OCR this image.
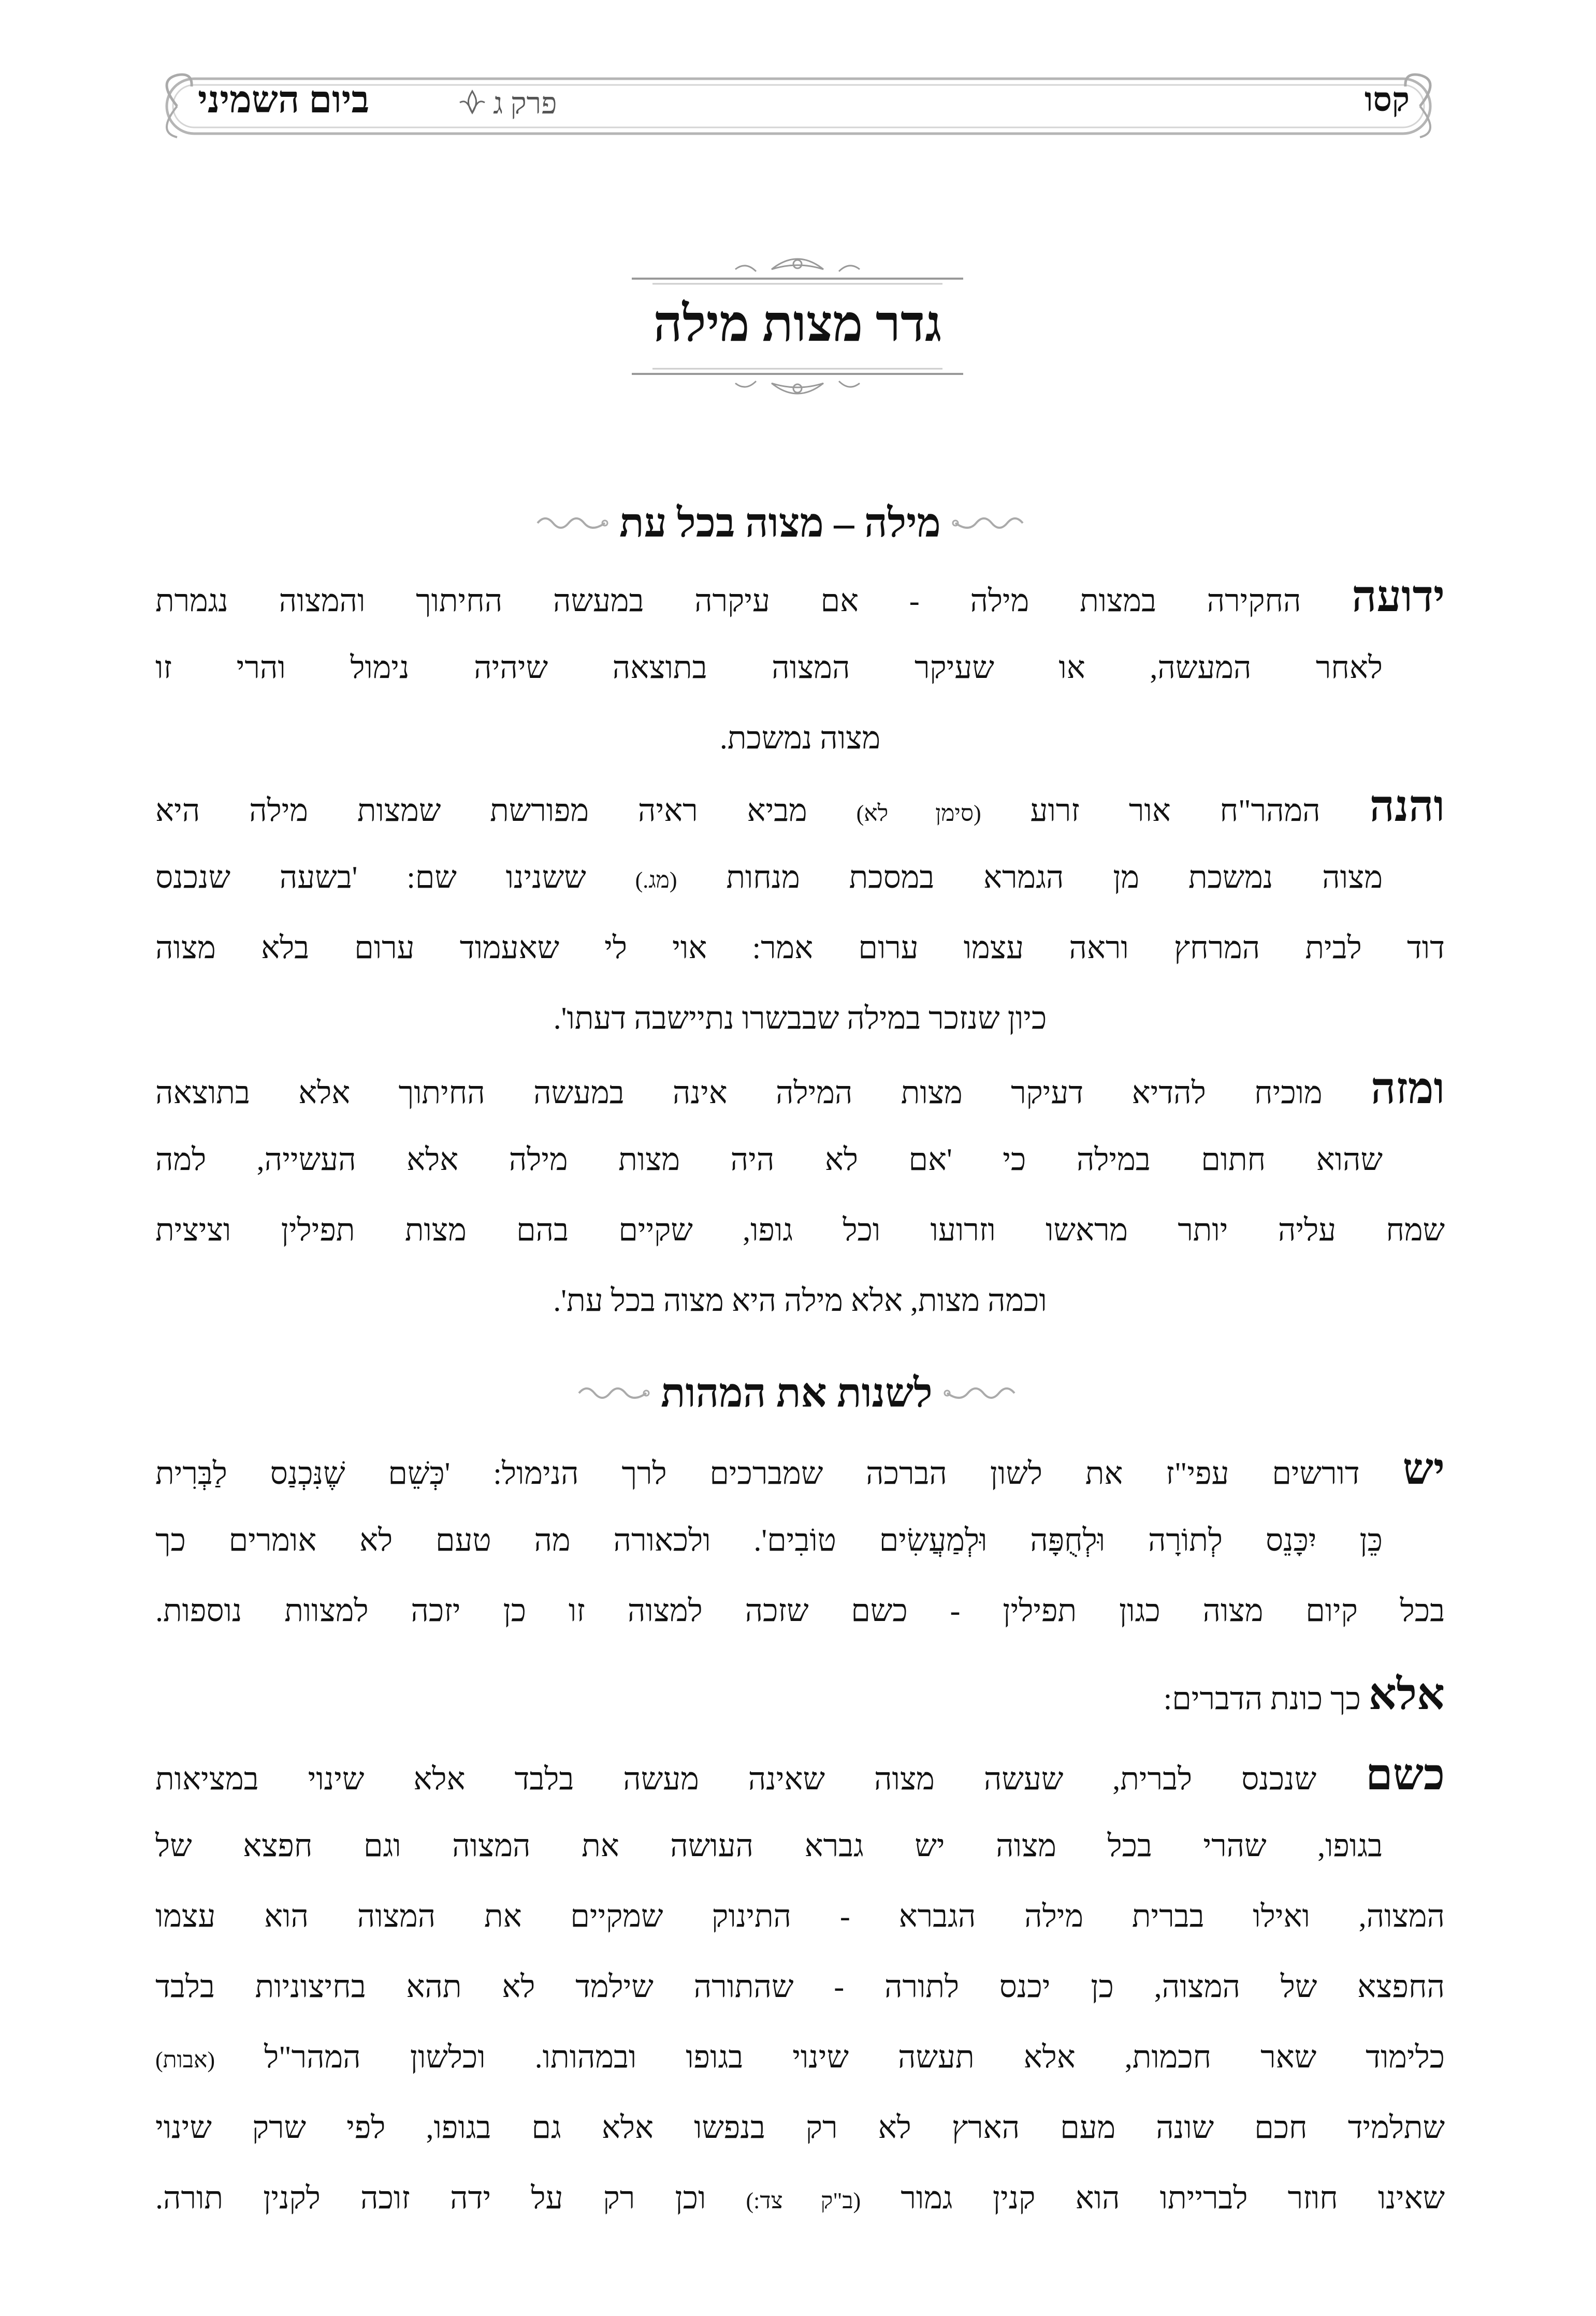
קסו
פרק ג
ביום השמיני
גדר מצות מילה
מילה – מצוה בכל עת
ידועה החקירה במצות מילה - אם עיקרה במעשה החיתוך והמצוה נגמרת
לאחר המעשה, או שעיקר המצוה בתוצאה שיהיה נימול והרי זו
מצוה נמשכת.
והנה המהר"ח אור זרוע (סימן לא) מביא ראיה מפורשת שמצות מילה היא
מצוה נמשכת מן הגמרא במסכת מנחות (מג.) ששנינו שם: 'בשעה שנכנס
דוד לבית המרחץ וראה עצמו ערום אמר: אוי לי שאעמוד ערום בלא מצוה
כיון שנזכר במילה שבבשרו נתיישבה דעתו'.
ומזה מוכיח להדיא דעיקר מצות המילה אינה במעשה החיתוך אלא בתוצאה
שהוא חתום במילה כי 'אם לא היה מצות מילה אלא העשייה, למה
שמח עליה יותר מראשו וזרועו וכל גופו, שקיים בהם מצות תפילין וציצית
וכמה מצות, אלא מילה היא מצוה בכל עת'.
לשנות את המהות
יש דורשים עפי"ז את לשון הברכה שמברכים לרך הנימול: 'כְּשֵׁם שֶׁנִּכְנַס לַבְּרִית
כֵּן יִכָּנֵס לְתוֹרָה וּלְחֻפָּה וּלְמַעֲשִׂים טוֹבִים'. ולכאורה מה טעם לא אומרים כך
בכל קיום מצוה כגון תפילין - כשם שזכה למצוה זו כן יזכה למצוות נוספות.
אלא כך כונת הדברים:
כשם שנכנס לברית, שעשה מצוה שאינה מעשה בלבד אלא שינוי במציאות
בגופו, שהרי בכל מצוה יש גברא העושה את המצוה וגם חפצא של
המצוה, ואילו בברית מילה הגברא - התינוק שמקיים את המצוה הוא עצמו
החפצא של המצוה, כן יכנס לתורה - שהתורה שילמד לא תהא בחיצוניות בלבד
כלימוד שאר חכמות, אלא תעשה שינוי בגופו ובמהותו. וכלשון המהר"ל (אבות)
שתלמיד חכם שונה מעם הארץ לא רק בנפשו אלא גם בגופו, לפי שרק שינוי
שאינו חוזר לברייתו הוא קנין גמור (ב"ק צד:) וכן רק על ידה זוכה לקנין תורה.
